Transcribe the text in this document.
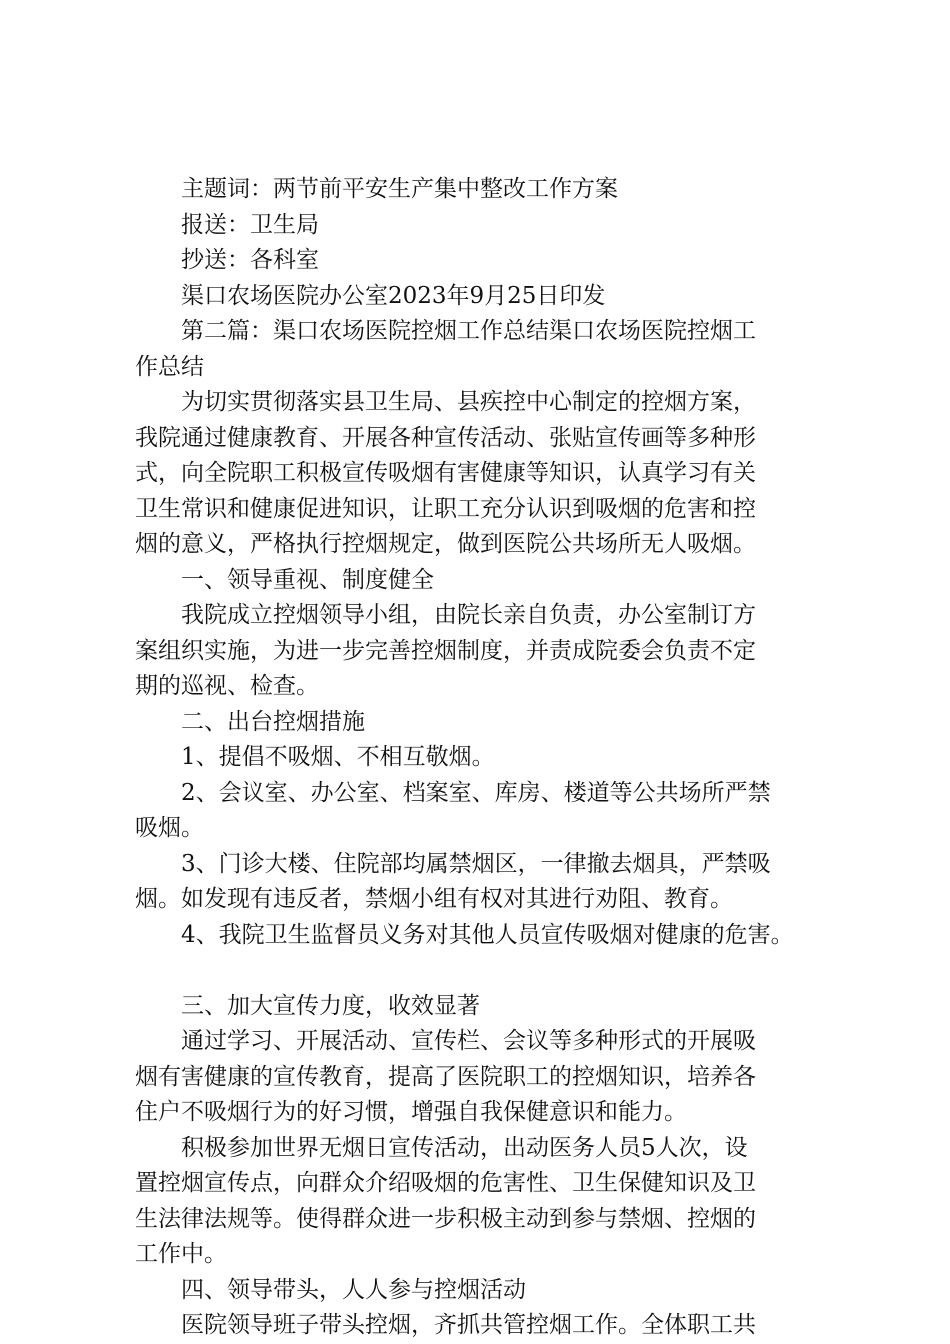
主题词：两节前平安生产集中整改工作方案

报送：卫生局

抄送：各科室

渠口农场医院办公室2023年9月25日印发

第二篇：渠口农场医院控烟工作总结渠口农场医院控烟工

作总结

为切实贯彻落实县卫生局、县疾控中心制定的控烟方案，

我院通过健康教育、开展各种宣传活动、张贴宣传画等多种形

式，向全院职工积极宣传吸烟有害健康等知识，认真学习有关

卫生常识和健康促进知识，让职工充分认识到吸烟的危害和控

烟的意义，严格执行控烟规定，做到医院公共场所无人吸烟。

一、领导重视、制度健全

我院成立控烟领导小组，由院长亲自负责，办公室制订方

案组织实施，为进一步完善控烟制度，并责成院委会负责不定

期的巡视、检查。

二、出台控烟措施

1、提倡不吸烟、不相互敬烟。

2、会议室、办公室、档案室、库房、楼道等公共场所严禁

吸烟。

3、门诊大楼、住院部均属禁烟区，一律撤去烟具，严禁吸

烟。如发现有违反者，禁烟小组有权对其进行劝阻、教育。

4、我院卫生监督员义务对其他人员宣传吸烟对健康的危害。

三、加大宣传力度，收效显著

通过学习、开展活动、宣传栏、会议等多种形式的开展吸

烟有害健康的宣传教育，提高了医院职工的控烟知识，培养各

住户不吸烟行为的好习惯，增强自我保健意识和能力。

积极参加世界无烟日宣传活动，出动医务人员5人次，设

置控烟宣传点，向群众介绍吸烟的危害性、卫生保健知识及卫

生法律法规等。使得群众进一步积极主动到参与禁烟、控烟的

工作中。

四、领导带头，人人参与控烟活动

医院领导班子带头控烟，齐抓共管控烟工作。全体职工共
